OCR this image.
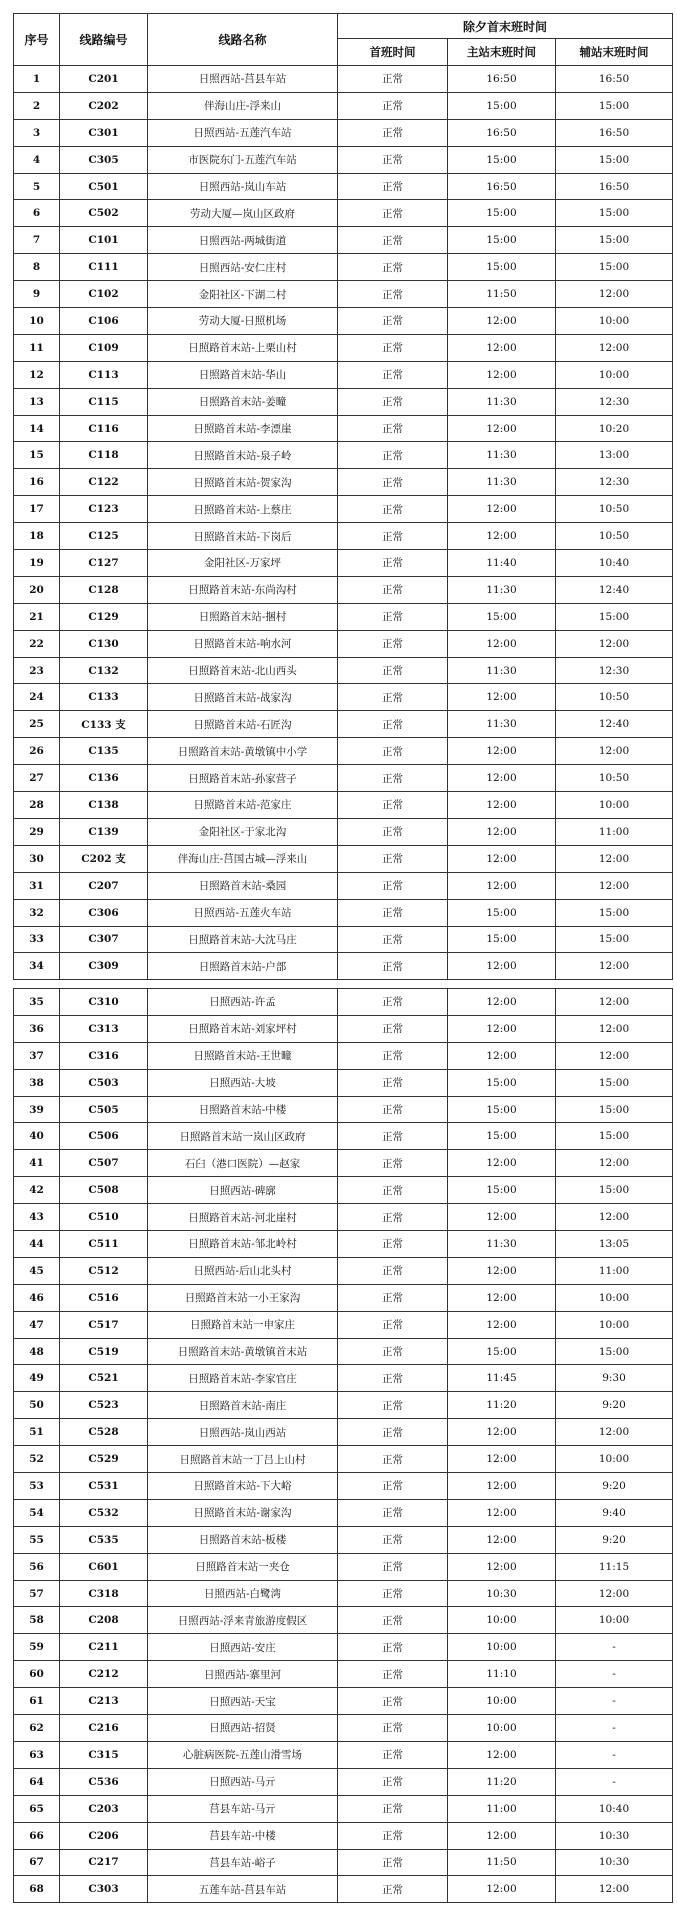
序号	线路编号	线路名称	除夕首末班时间		
			首班时间	主站末班时间	辅站末班时间
1	C201	日照西站-莒县车站	正常	16:50	16:50
2	C202	伴海山庄-浮来山	正常	15:00	15:00
3	C301	日照西站-五莲汽车站	正常	16:50	16:50
4	C305	市医院东门-五莲汽车站	正常	15:00	15:00
5	C501	日照西站-岚山车站	正常	16:50	16:50
6	C502	劳动大厦—岚山区政府	正常	15:00	15:00
7	C101	日照西站-两城街道	正常	15:00	15:00
8	C111	日照西站-安仁庄村	正常	15:00	15:00
9	C102	金阳社区-下湖二村	正常	11:50	12:00
10	C106	劳动大厦-日照机场	正常	12:00	10:00
11	C109	日照路首末站-上栗山村	正常	12:00	12:00
12	C113	日照路首末站-华山	正常	12:00	10:00
13	C115	日照路首末站-姜疃	正常	11:30	12:30
14	C116	日照路首末站-李漂崖	正常	12:00	10:20
15	C118	日照路首末站-泉子岭	正常	11:30	13:00
16	C122	日照路首末站-贺家沟	正常	11:30	12:30
17	C123	日照路首末站-上蔡庄	正常	12:00	10:50
18	C125	日照路首末站-下岗后	正常	12:00	10:50
19	C127	金阳社区-万家坪	正常	11:40	10:40
20	C128	日照路首末站-东尚沟村	正常	11:30	12:40
21	C129	日照路首末站-捆村	正常	15:00	15:00
22	C130	日照路首末站-响水河	正常	12:00	12:00
23	C132	日照路首末站-北山西头	正常	11:30	12:30
24	C133	日照路首末站-战家沟	正常	12:00	10:50
25	C133 支	日照路首末站-石匠沟	正常	11:30	12:40
26	C135	日照路首末站-黄墩镇中小学	正常	12:00	12:00
27	C136	日照路首末站-孙家营子	正常	12:00	10:50
28	C138	日照路首末站-范家庄	正常	12:00	10:00
29	C139	金阳社区-于家北沟	正常	12:00	11:00
30	C202 支	伴海山庄-莒国古城—浮来山	正常	12:00	12:00
31	C207	日照路首末站-桑园	正常	12:00	12:00
32	C306	日照西站-五莲火车站	正常	15:00	15:00
33	C307	日照路首末站-大沈马庄	正常	15:00	15:00
34	C309	日照路首末站-户部	正常	12:00	12:00
35	C310	日照西站-许孟	正常	12:00	12:00
36	C313	日照路首末站-刘家坪村	正常	12:00	12:00
37	C316	日照路首末站-王世疃	正常	12:00	12:00
38	C503	日照西站-大坡	正常	15:00	15:00
39	C505	日照路首末站-中楼	正常	15:00	15:00
40	C506	日照路首末站一岚山区政府	正常	15:00	15:00
41	C507	石臼（港口医院）—赵家	正常	12:00	12:00
42	C508	日照西站-碑廓	正常	15:00	15:00
43	C510	日照路首末站-河北崖村	正常	12:00	12:00
44	C511	日照路首末站-邹北岭村	正常	11:30	13:05
45	C512	日照西站-后山北头村	正常	12:00	11:00
46	C516	日照路首末站一小王家沟	正常	12:00	10:00
47	C517	日照路首末站一申家庄	正常	12:00	10:00
48	C519	日照路首末站-黄墩镇首末站	正常	15:00	15:00
49	C521	日照路首末站-李家官庄	正常	11:45	9:30
50	C523	日照路首末站-南庄	正常	11:20	9:20
51	C528	日照西站-岚山西站	正常	12:00	12:00
52	C529	日照路首末站一丁吕上山村	正常	12:00	10:00
53	C531	日照路首末站-下大峪	正常	12:00	9:20
54	C532	日照路首末站-谢家沟	正常	12:00	9:40
55	C535	日照路首末站-板楼	正常	12:00	9:20
56	C601	日照路首末站一夹仓	正常	12:00	11:15
57	C318	日照西站-白鹭湾	正常	10:30	12:00
58	C208	日照西站-浮来青旅游度假区	正常	10:00	10:00
59	C211	日照西站-安庄	正常	10:00	-
60	C212	日照西站-寨里河	正常	11:10	-
61	C213	日照西站-天宝	正常	10:00	-
62	C216	日照西站-招贤	正常	10:00	-
63	C315	心脏病医院-五莲山滑雪场	正常	12:00	-
64	C536	日照西站-马亓	正常	11:20	-
65	C203	莒县车站-马亓	正常	11:00	10:40
66	C206	莒县车站-中楼	正常	12:00	10:30
67	C217	莒县车站-峪子	正常	11:50	10:30
68	C303	五莲车站-莒县车站	正常	12:00	12:00
